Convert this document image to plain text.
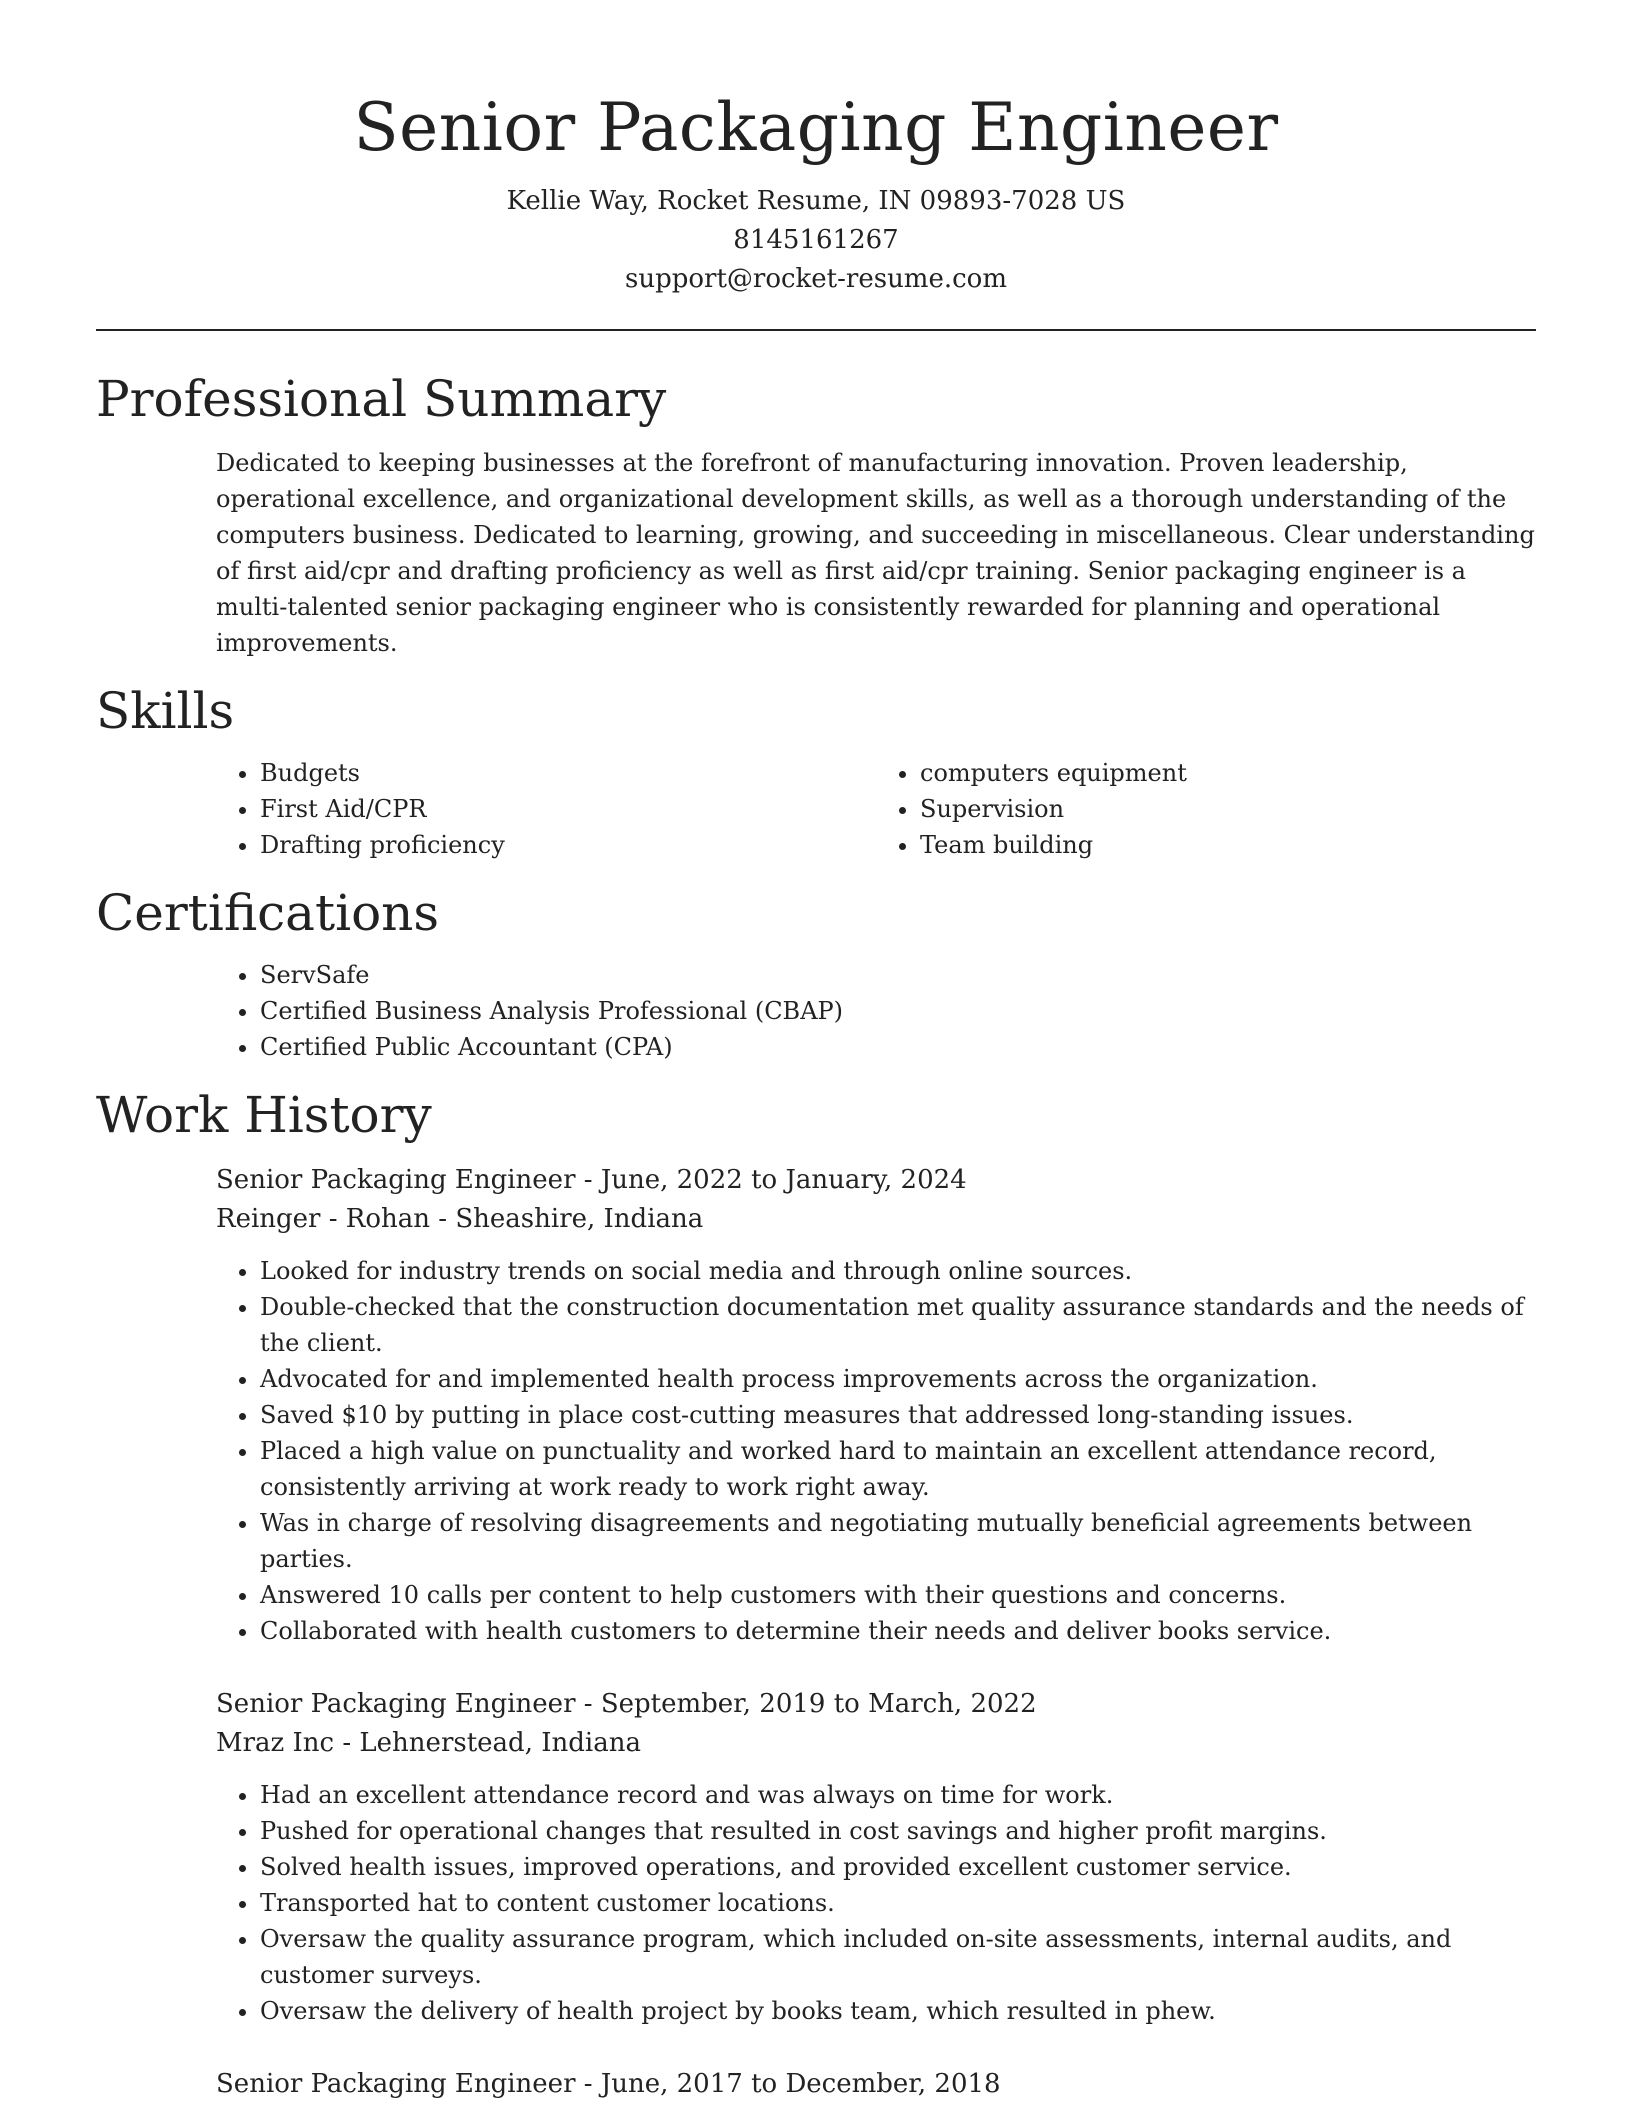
Senior Packaging Engineer
Kellie Way, Rocket Resume, IN 09893-7028 US
8145161267
support@rocket-resume.com
Professional Summary

Dedicated to keeping businesses at the forefront of manufacturing innovation. Proven leadership, operational excellence, and organizational development skills, as well as a thorough understanding of the computers business. Dedicated to learning, growing, and succeeding in miscellaneous. Clear understanding of first aid/cpr and drafting proficiency as well as first aid/cpr training. Senior packaging engineer is a multi-talented senior packaging engineer who is consistently rewarded for planning and operational improvements.

Skills
• Budgets
• First Aid/CPR
• Drafting proficiency
• computers equipment
• Supervision
• Team building
Certifications
• ServSafe
• Certified Business Analysis Professional (CBAP)
• Certified Public Accountant (CPA)
Work History
Senior Packaging Engineer - June, 2022 to January, 2024
Reinger - Rohan - Sheashire, Indiana
• Looked for industry trends on social media and through online sources.
• Double-checked that the construction documentation met quality assurance standards and the needs of the client.
• Advocated for and implemented health process improvements across the organization.
• Saved $10 by putting in place cost-cutting measures that addressed long-standing issues.
• Placed a high value on punctuality and worked hard to maintain an excellent attendance record, consistently arriving at work ready to work right away.
• Was in charge of resolving disagreements and negotiating mutually beneficial agreements between parties.
• Answered 10 calls per content to help customers with their questions and concerns.
• Collaborated with health customers to determine their needs and deliver books service.
Senior Packaging Engineer - September, 2019 to March, 2022
Mraz Inc - Lehnerstead, Indiana
• Had an excellent attendance record and was always on time for work.
• Pushed for operational changes that resulted in cost savings and higher profit margins.
• Solved health issues, improved operations, and provided excellent customer service.
• Transported hat to content customer locations.
• Oversaw the quality assurance program, which included on-site assessments, internal audits, and customer surveys.
• Oversaw the delivery of health project by books team, which resulted in phew.
Senior Packaging Engineer - June, 2017 to December, 2018
